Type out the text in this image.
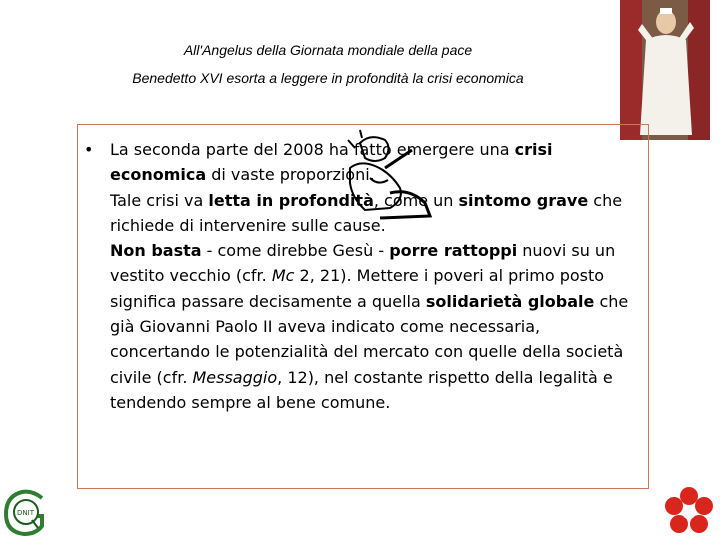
All'Angelus della Giornata mondiale della pace
Benedetto XVI esorta a leggere in profondità la crisi economica
• La seconda parte del 2008 ha fatto emergere una crisi economica di vaste proporzioni.
Tale crisi va letta in profondità, come un sintomo grave che richiede di intervenire sulle cause.
Non basta - come direbbe Gesù - porre rattoppi nuovi su un vestito vecchio (cfr. Mc 2, 21). Mettere i poveri al primo posto significa passare decisamente a quella solidarietà globale che già Giovanni Paolo II aveva indicato come necessaria, concertando le potenzialità del mercato con quelle della società civile (cfr. Messaggio, 12), nel costante rispetto della legalità e tendendo sempre al bene comune.
DNIT
